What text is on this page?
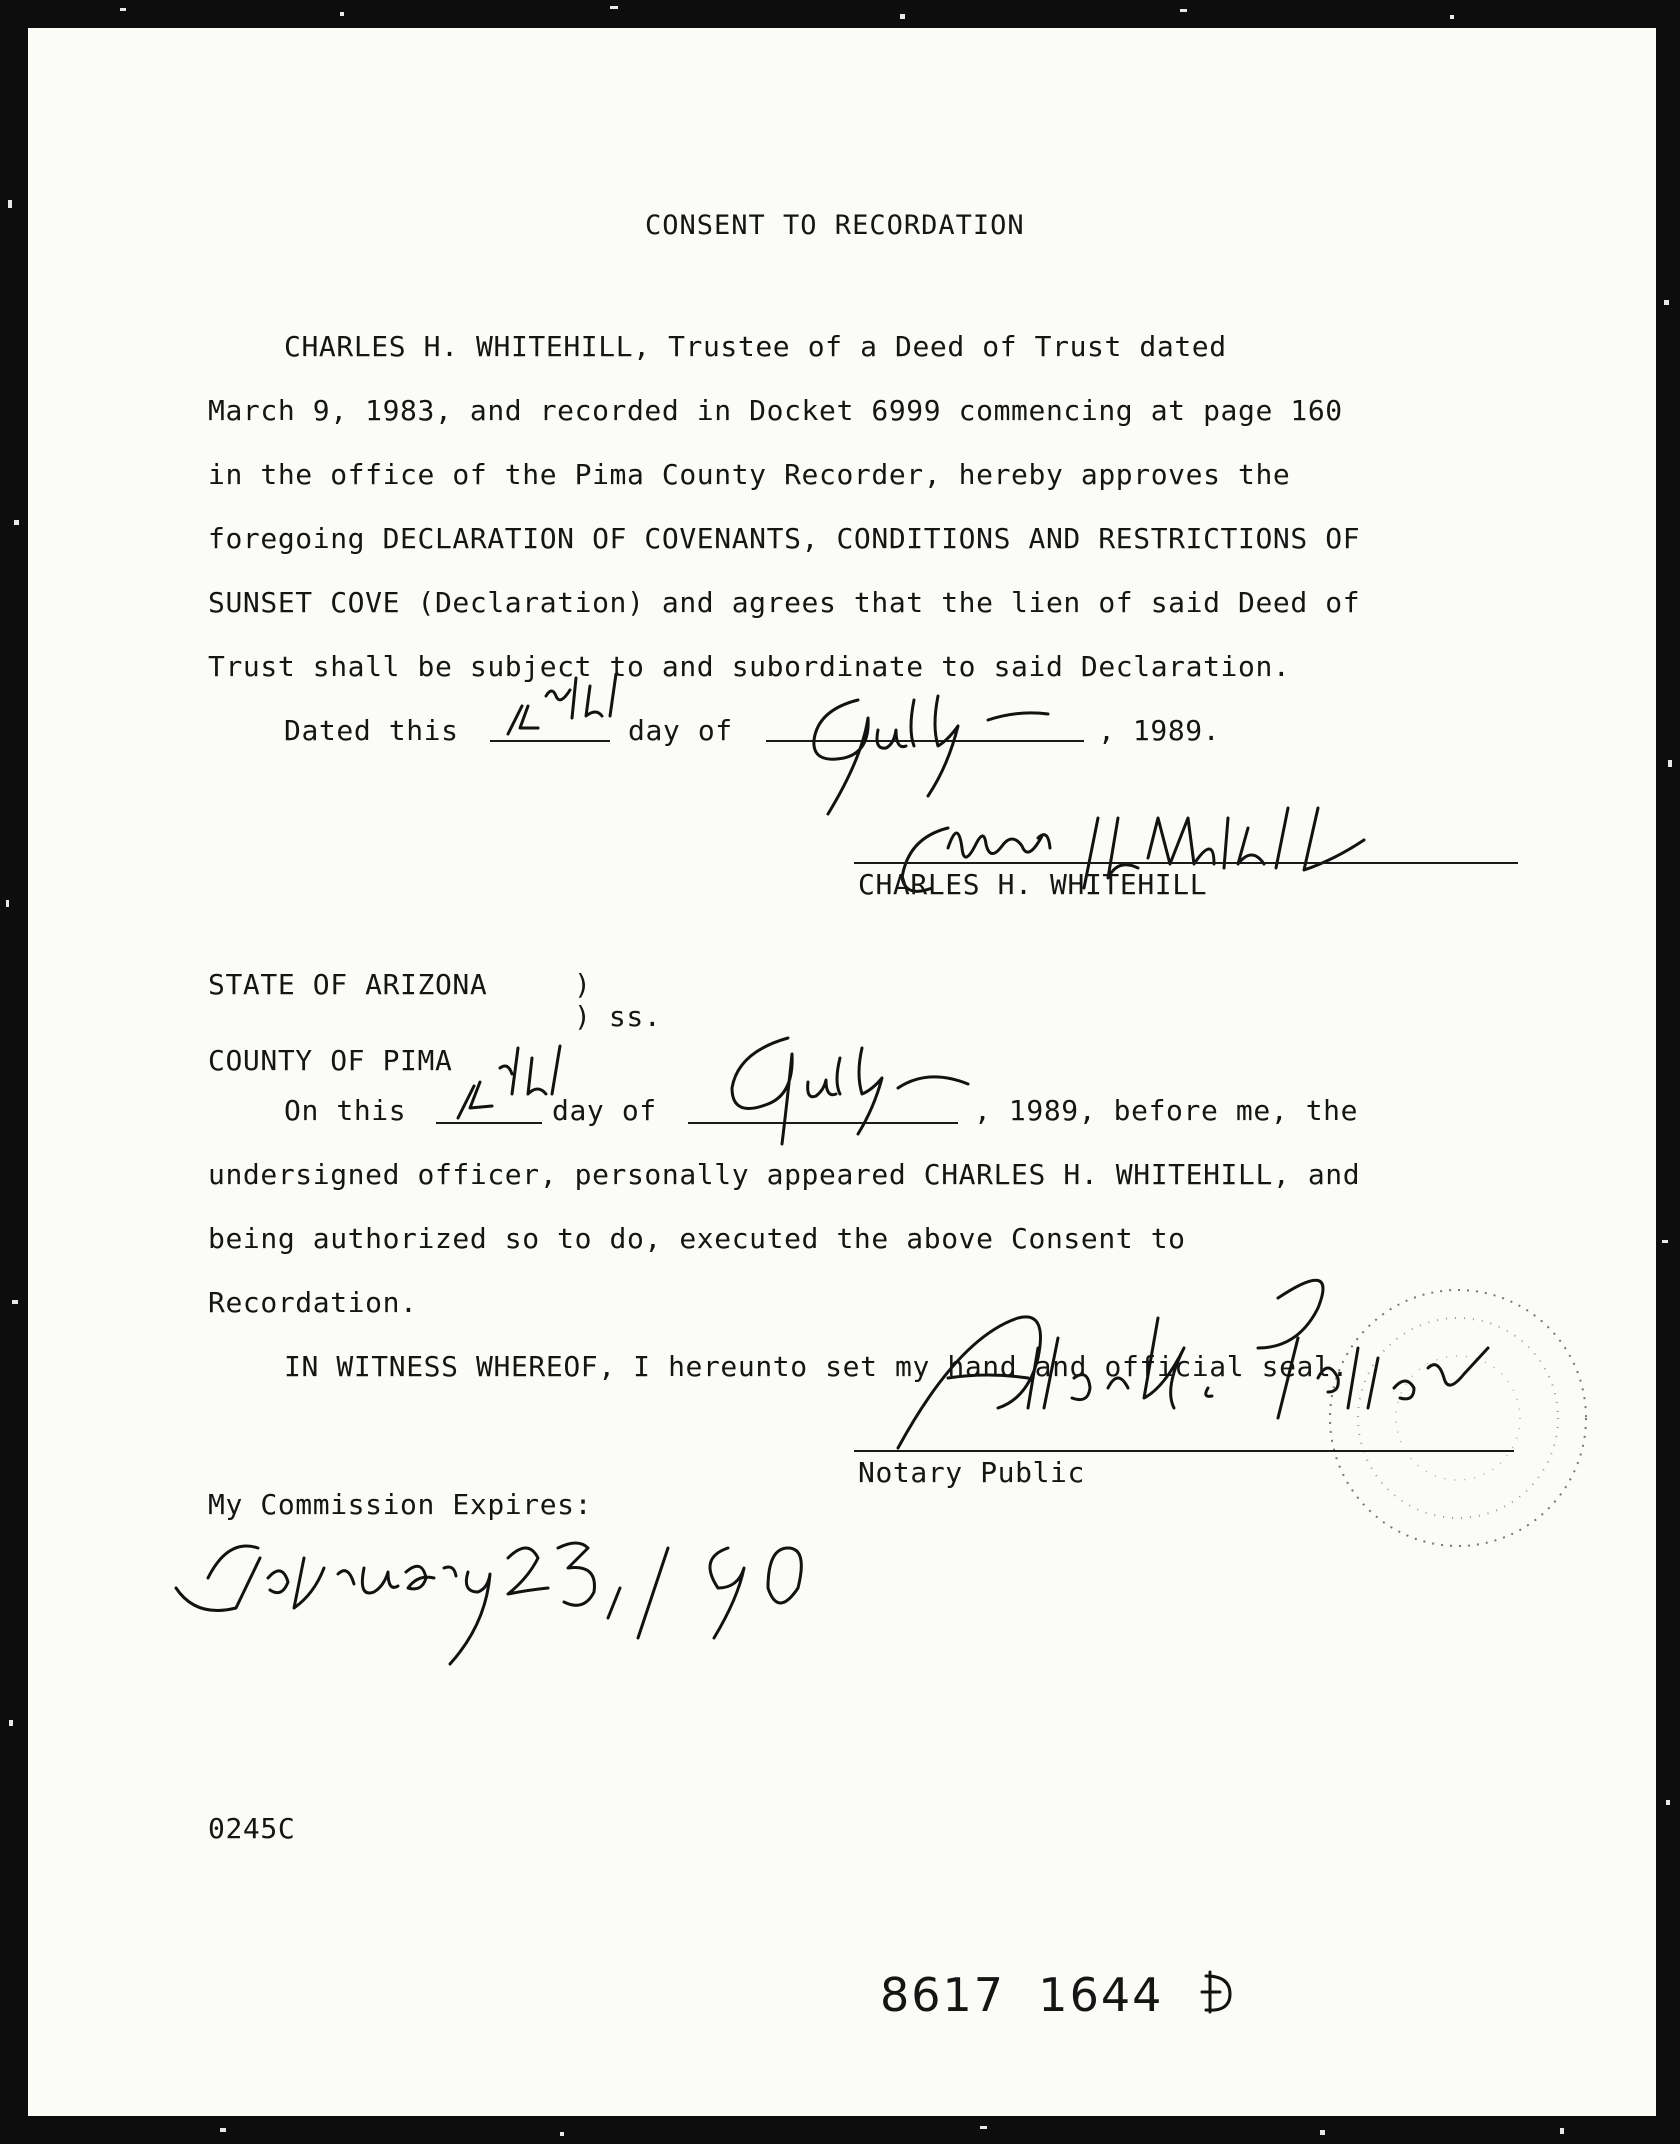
CONSENT TO RECORDATION
CHARLES H. WHITEHILL, Trustee of a Deed of Trust dated
March 9, 1983, and recorded in Docket 6999 commencing at page 160
in the office of the Pima County Recorder, hereby approves the
foregoing DECLARATION OF COVENANTS, CONDITIONS AND RESTRICTIONS OF
SUNSET COVE (Declaration) and agrees that the lien of said Deed of
Trust shall be subject to and subordinate to said Declaration.
Dated this	day of	, 1989.
CHARLES H. WHITEHILL
STATE OF ARIZONA	)
) ss.
COUNTY OF PIMA
On this	day of	, 1989, before me, the
undersigned officer, personally appeared CHARLES H. WHITEHILL, and
being authorized so to do, executed the above Consent to
Recordation.
IN WITNESS WHEREOF, I hereunto set my hand and official seal.
Notary Public
My Commission Expires:
0245C
8617  1644
